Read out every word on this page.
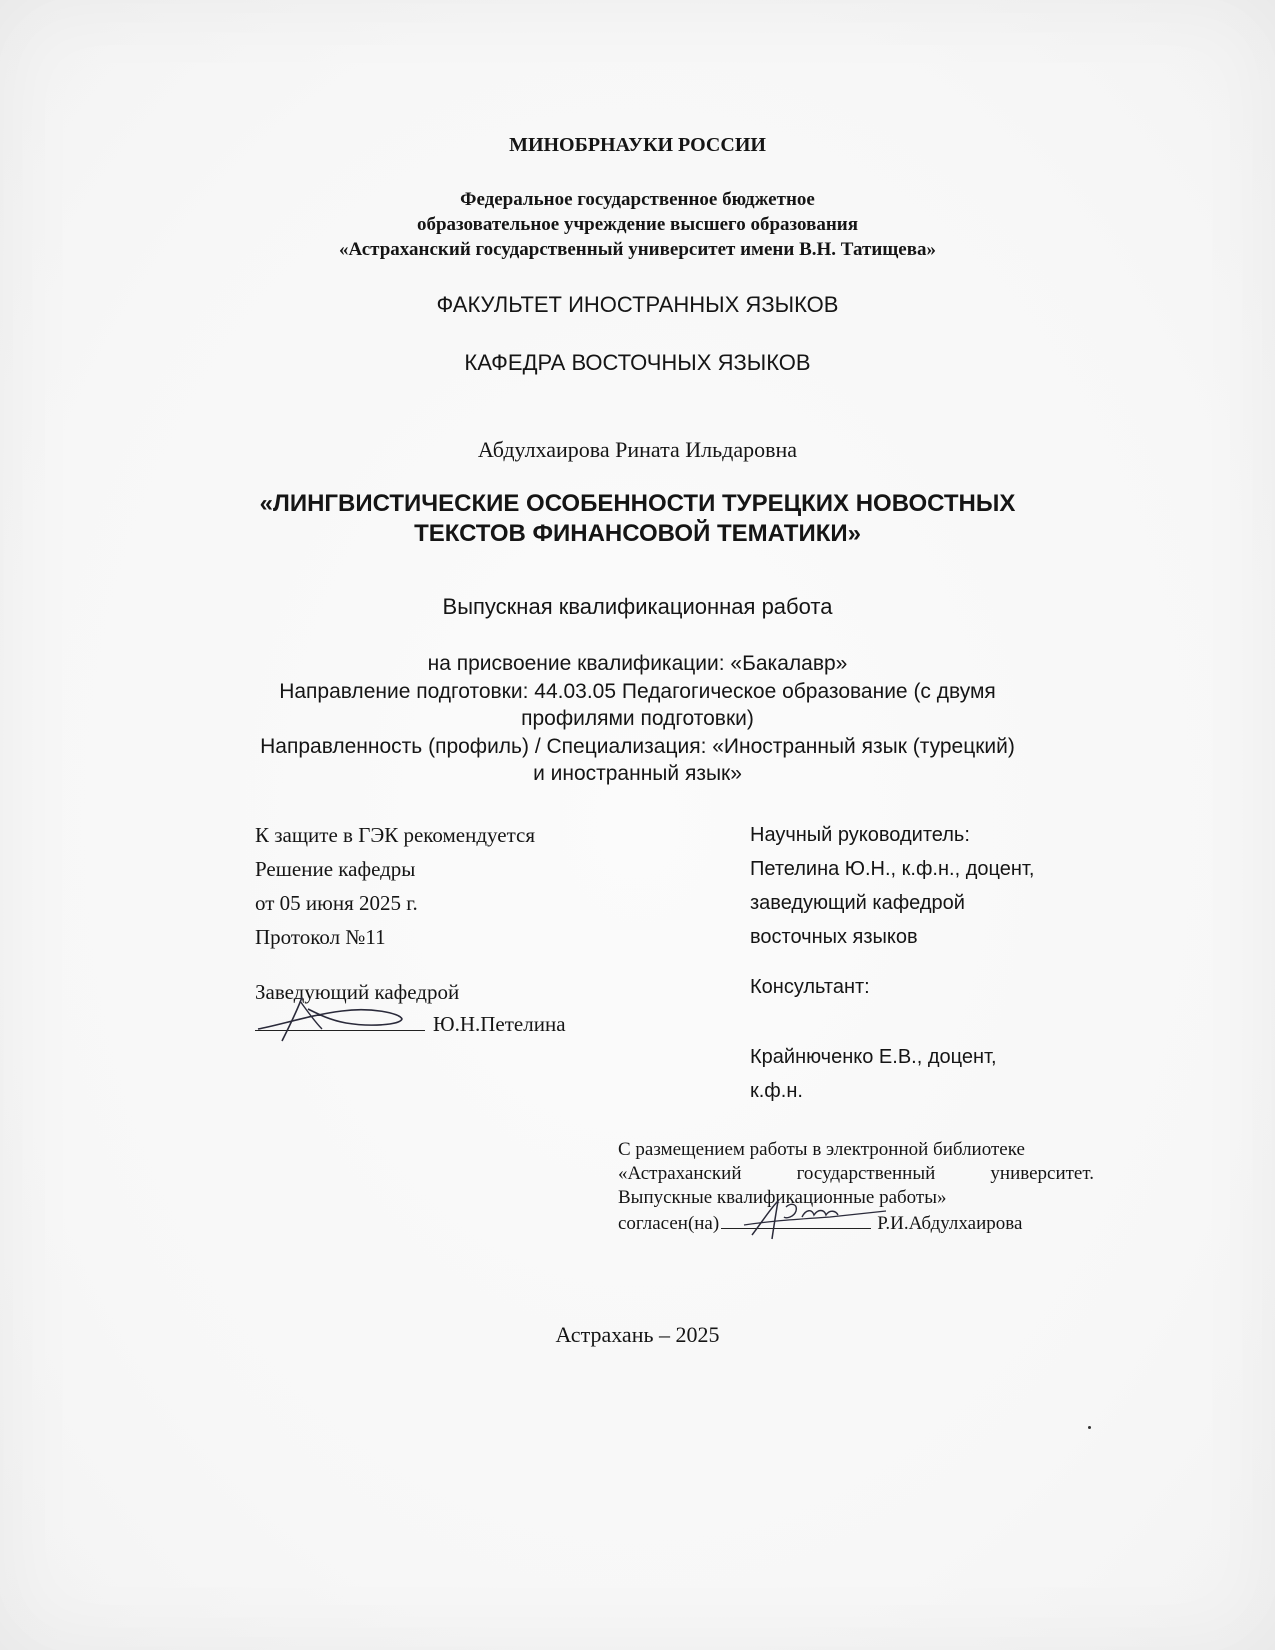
МИНОБРНАУКИ РОССИИ
Федеральное государственное бюджетное
образовательное учреждение высшего образования
«Астраханский государственный университет имени В.Н. Татищева»
ФАКУЛЬТЕТ ИНОСТРАННЫХ ЯЗЫКОВ
КАФЕДРА ВОСТОЧНЫХ ЯЗЫКОВ
Абдулхаирова Рината Ильдаровна
«ЛИНГВИСТИЧЕСКИЕ ОСОБЕННОСТИ ТУРЕЦКИХ НОВОСТНЫХ
ТЕКСТОВ ФИНАНСОВОЙ ТЕМАТИКИ»
Выпускная квалификационная работа
на присвоение квалификации: «Бакалавр»
Направление подготовки: 44.03.05 Педагогическое образование (с двумя
профилями подготовки)
Направленность (профиль) / Специализация: «Иностранный язык (турецкий)
и иностранный язык»
К защите в ГЭК рекомендуется
Решение кафедры
от 05 июня 2025 г.
Протокол №11
Научный руководитель:
Петелина Ю.Н., к.ф.н., доцент,
заведующий кафедрой
восточных языков
Заведующий кафедрой
Ю.Н.Петелина
Консультант:
Крайнюченко Е.В., доцент,
к.ф.н.
С размещением работы в электронной библиотеке
«Астраханский государственный университет.
Выпускные квалификационные работы»
согласен(на)	Р.И.Абдулхаирова
Астрахань – 2025
